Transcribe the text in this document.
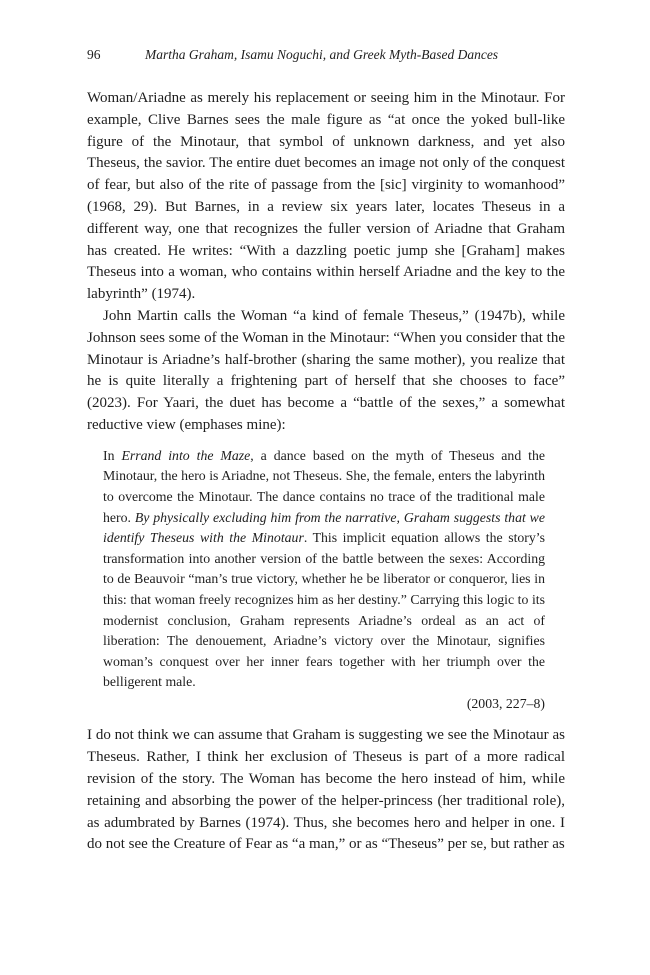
96	Martha Graham, Isamu Noguchi, and Greek Myth-Based Dances

Woman/Ariadne as merely his replacement or seeing him in the Minotaur. For example, Clive Barnes sees the male figure as “at once the yoked bull-like figure of the Minotaur, that symbol of unknown darkness, and yet also Theseus, the savior. The entire duet becomes an image not only of the conquest of fear, but also of the rite of passage from the [sic] virginity to womanhood” (1968, 29). But Barnes, in a review six years later, locates Theseus in a different way, one that recognizes the fuller version of Ariadne that Graham has created. He writes: “With a dazzling poetic jump she [Graham] makes Theseus into a woman, who contains within herself Ariadne and the key to the labyrinth” (1974).

John Martin calls the Woman “a kind of female Theseus,” (1947b), while Johnson sees some of the Woman in the Minotaur: “When you consider that the Minotaur is Ariadne’s half-brother (sharing the same mother), you realize that he is quite literally a frightening part of herself that she chooses to face” (2023). For Yaari, the duet has become a “battle of the sexes,” a somewhat reductive view (emphases mine):

In Errand into the Maze, a dance based on the myth of Theseus and the Minotaur, the hero is Ariadne, not Theseus. She, the female, enters the labyrinth to overcome the Minotaur. The dance contains no trace of the traditional male hero. By physically excluding him from the narrative, Graham suggests that we identify Theseus with the Minotaur. This implicit equation allows the story’s transformation into another version of the battle between the sexes: According to de Beauvoir “man’s true victory, whether he be liberator or conqueror, lies in this: that woman freely recognizes him as her destiny.” Carrying this logic to its modernist conclusion, Graham represents Ariadne’s ordeal as an act of liberation: The denouement, Ariadne’s victory over the Minotaur, signifies woman’s conquest over her inner fears together with her triumph over the belligerent male.

(2003, 227–8)

I do not think we can assume that Graham is suggesting we see the Minotaur as Theseus. Rather, I think her exclusion of Theseus is part of a more radical revision of the story. The Woman has become the hero instead of him, while retaining and absorbing the power of the helper-princess (her traditional role), as adumbrated by Barnes (1974). Thus, she becomes hero and helper in one. I do not see the Creature of Fear as “a man,” or as “Theseus” per se, but rather as
